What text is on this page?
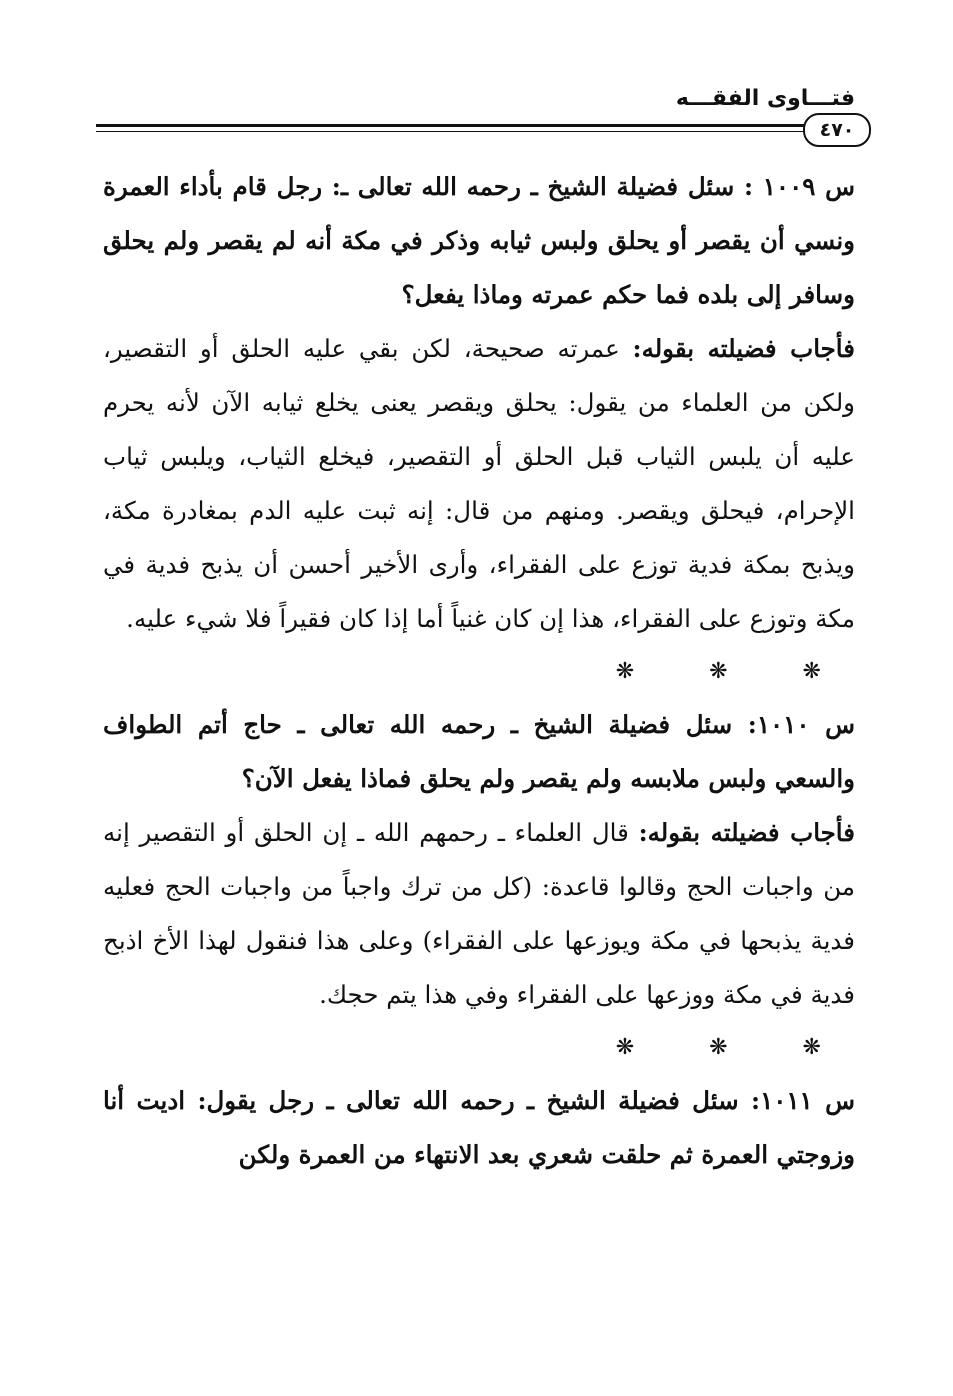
فتـــاوى الفقـــه
٤٧٠

س ١٠٠٩ : سئل فضيلة الشيخ ـ رحمه الله تعالى ـ: رجل قام بأداء العمرة ونسي أن يقصر أو يحلق ولبس ثيابه وذكر في مكة أنه لم يقصر ولم يحلق وسافر إلى بلده فما حكم عمرته وماذا يفعل؟

فأجاب فضيلته بقوله: عمرته صحيحة، لكن بقي عليه الحلق أو التقصير، ولكن من العلماء من يقول: يحلق ويقصر يعنى يخلع ثيابه الآن لأنه يحرم عليه أن يلبس الثياب قبل الحلق أو التقصير، فيخلع الثياب، ويلبس ثياب الإحرام، فيحلق ويقصر. ومنهم من قال: إنه ثبت عليه الدم بمغادرة مكة، ويذبح بمكة فدية توزع على الفقراء، وأرى الأخير أحسن أن يذبح فدية في مكة وتوزع على الفقراء، هذا إن كان غنياً أما إذا كان فقيراً فلا شيء عليه.

❋ ❋ ❋

س ١٠١٠: سئل فضيلة الشيخ ـ رحمه الله تعالى ـ حاج أتم الطواف والسعي ولبس ملابسه ولم يقصر ولم يحلق فماذا يفعل الآن؟

فأجاب فضيلته بقوله: قال العلماء ـ رحمهم الله ـ إن الحلق أو التقصير إنه من واجبات الحج وقالوا قاعدة: (كل من ترك واجباً من واجبات الحج فعليه فدية يذبحها في مكة ويوزعها على الفقراء) وعلى هذا فنقول لهذا الأخ اذبح فدية في مكة ووزعها على الفقراء وفي هذا يتم حجك.

❋ ❋ ❋

س ١٠١١: سئل فضيلة الشيخ ـ رحمه الله تعالى ـ رجل يقول: اديت أنا وزوجتي العمرة ثم حلقت شعري بعد الانتهاء من العمرة ولكن
